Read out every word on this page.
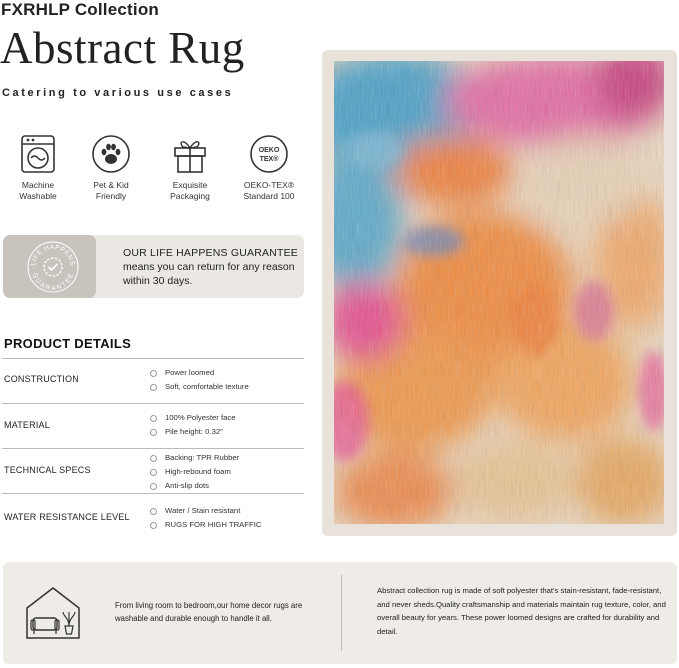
FXRHLP Collection
Abstract Rug
Catering to various use cases
Machine
Washable
Pet & Kid
Friendly
Exquisite
Packaging
OEKO
TEX®
OEKO-TEX®
Standard 100
LIFE HAPPENS
GUARANTEE
OUR LIFE HAPPENS GUARANTEE
means you can return for any reason within 30 days.
PRODUCT DETAILS
CONSTRUCTION
Power loomed
Soft, comfortable texture
MATERIAL
100% Polyester face
Pile height: 0.32"
TECHNICAL SPECS
Backing: TPR Rubber
High-rebound foam
Anti-slip dots
WATER RESISTANCE LEVEL
Water / Stain resistant
RUGS FOR HIGH TRAFFIC
From living room to bedroom,our home decor rugs are washable and durable enough to handle it all.
Abstract collection rug is made of soft polyester that's stain-resistant, fade-resistant, and never sheds.Quality craftsmanship and materials maintain rug texture, color, and overall beauty for years. These power loomed designs are crafted for durability and detail.
